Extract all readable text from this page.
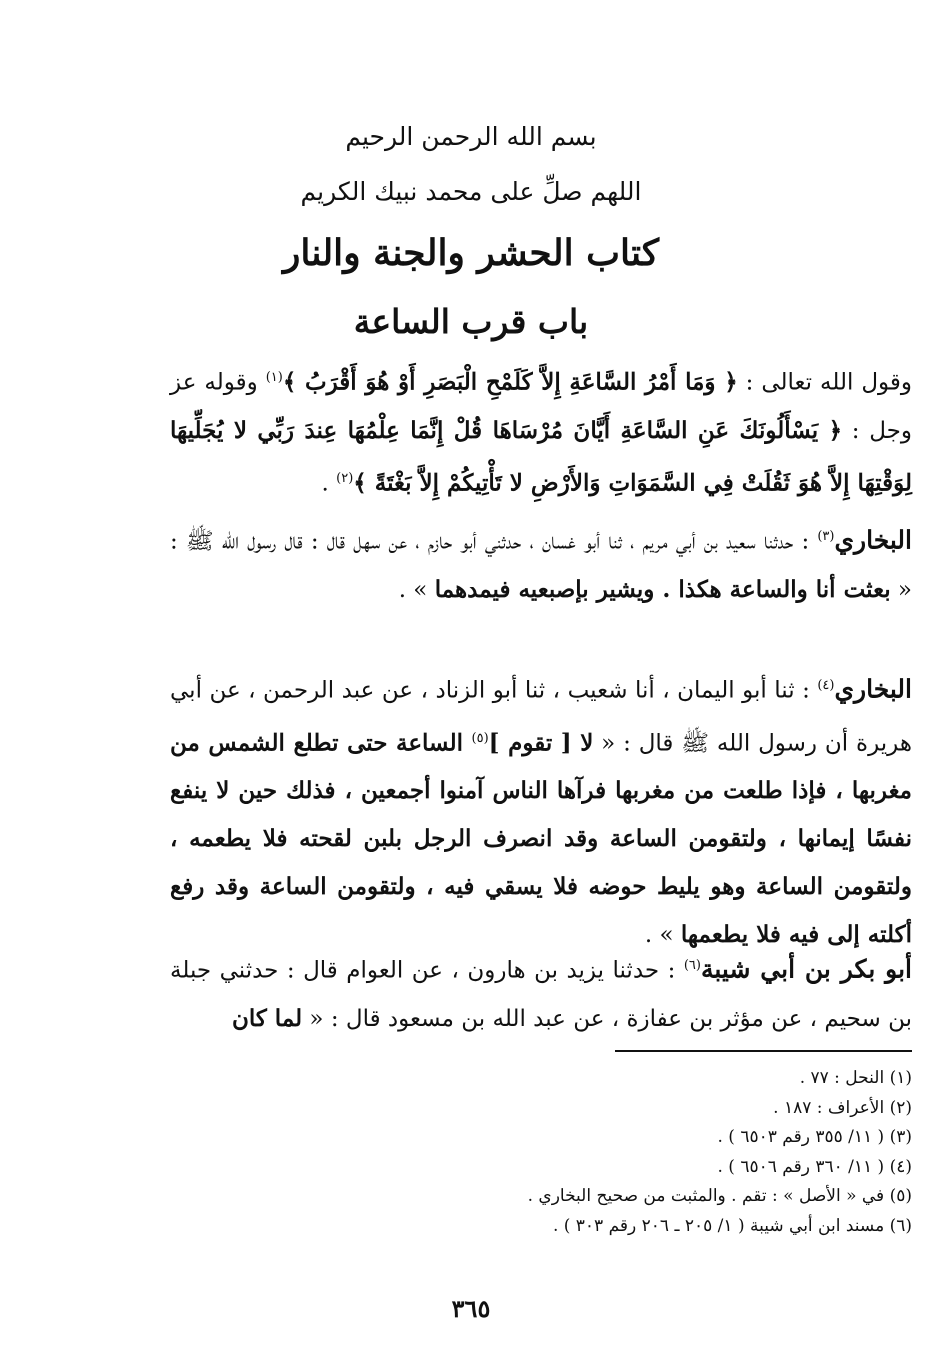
بسم الله الرحمن الرحيم
اللهم صلِّ على محمد نبيك الكريم
كتاب الحشر والجنة والنار
باب قرب الساعة
وقول الله تعالى : ﴿ وَمَا أَمْرُ السَّاعَةِ إِلاَّ كَلَمْحِ الْبَصَرِ أَوْ هُوَ أَقْرَبُ ﴾$^{(١)}$ وقوله عز وجل : ﴿ يَسْأَلُونَكَ عَنِ السَّاعَةِ أَيَّانَ مُرْسَاهَا قُلْ إِنَّمَا عِلْمُهَا عِندَ رَبِّي لا يُجَلِّيهَا لِوَقْتِهَا إِلاَّ هُوَ ثَقُلَتْ فِي السَّمَوَاتِ وَالأَرْضِ لا تَأْتِيكُمْ إِلاَّ بَغْتَةً ﴾$^{(٢)}$ .
البخاري$^{(٣)}$ : حدثنا سعيد بن أبي مريم ، ثنا أبو غسان ، حدثني أبو حازم ، عن سهل قال : قال رسول الله ﷺ : « بعثت أنا والساعة هكذا . ويشير بإصبعيه فيمدهما » .
البخاري$^{(٤)}$ : ثنا أبو اليمان ، أنا شعيب ، ثنا أبو الزناد ، عن عبد الرحمن ، عن أبي هريرة أن رسول الله ﷺ قال : « لا [ تقوم ]$^{(٥)}$ الساعة حتى تطلع الشمس من مغربها ، فإذا طلعت من مغربها فرآها الناس آمنوا أجمعين ، فذلك حين لا ينفع نفسًا إيمانها ، ولتقومن الساعة وقد انصرف الرجل بلبن لقحته فلا يطعمه ، ولتقومن الساعة وهو يليط حوضه فلا يسقي فيه ، ولتقومن الساعة وقد رفع أكلته إلى فيه فلا يطعمها » .
أبو بكر بن أبي شيبة$^{(٦)}$ : حدثنا يزيد بن هارون ، عن العوام قال : حدثني جبلة بن سحيم ، عن مؤثر بن عفازة ، عن عبد الله بن مسعود قال : « لما كان
(١) النحل : ٧٧ .
(٢) الأعراف : ١٨٧ .
(٣) ( ١١/ ٣٥٥ رقم ٦٥٠٣ ) .
(٤) ( ١١/ ٣٦٠ رقم ٦٥٠٦ ) .
(٥) في « الأصل » : تقم . والمثبت من صحيح البخاري .
(٦) مسند ابن أبي شيبة ( ١/ ٢٠٥ ـ ٢٠٦ رقم ٣٠٣ ) .
٣٦٥
